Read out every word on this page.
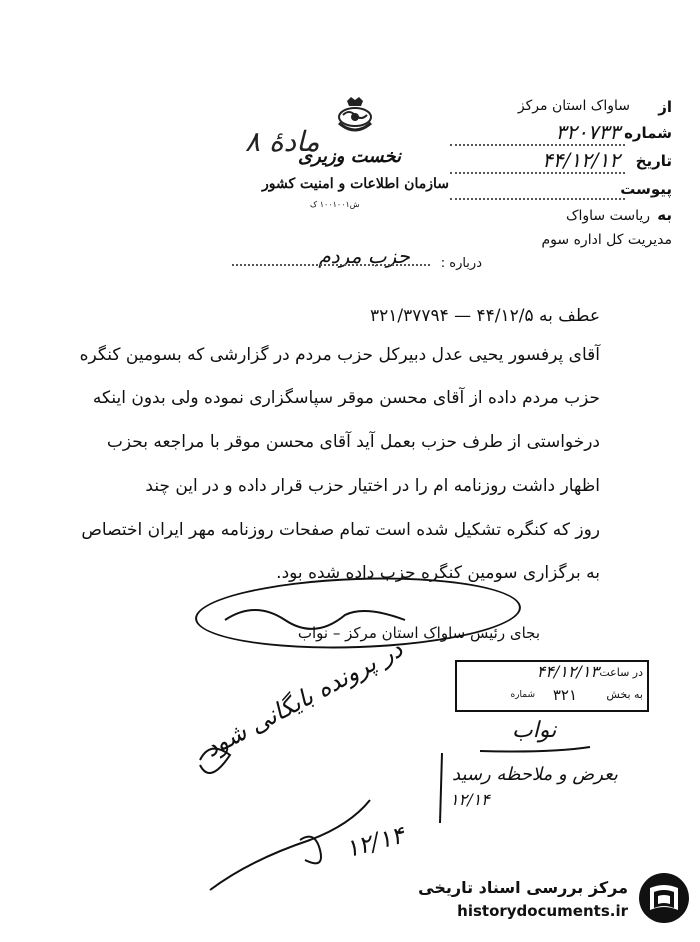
نخست وزیری
سازمان اطلاعات و امنیت کشور
ش۱۰۰۱۰۰۱ ک
مادهٔ ۸
از
شماره
تاریخ
پیوست
به
ساواک استان مرکز
۳۲۰۷۳۳
۴۴/۱۲/۱۲
ریاست ساواک
مدیریت کل اداره سوم
درباره :
حزب مردم
عطف به ۴۴/۱۲/۵ — ۳۲۱/۳۷۷۹۴
آقای پرفسور یحیی عدل دبیرکل حزب مردم در گزارشی که بسومین کنگره
حزب مردم داده از آقای محسن موقر سپاسگزاری نموده ولی بدون اینکه
درخواستی از طرف حزب بعمل آید آقای محسن موقر با مراجعه بحزب
اظهار داشت روزنامه ام را در اختیار حزب قرار داده و در این چند
روز که کنگره تشکیل شده است تمام صفحات روزنامه مهر ایران اختصاص
به برگزاری سومین کنگره حزب داده شده بود.
بجای رئیس ساواک استان مرکز – نواب
در ساعت
۴۴/۱۲/۱۳
به بخش
۳۲۱
شماره
نواب
بعرض و ملاحظه رسید
۱۲/۱۴
در پرونده بایگانی شود
۱۲/۱۴
مرکز بررسی اسناد تاریخی
historydocuments.ir
